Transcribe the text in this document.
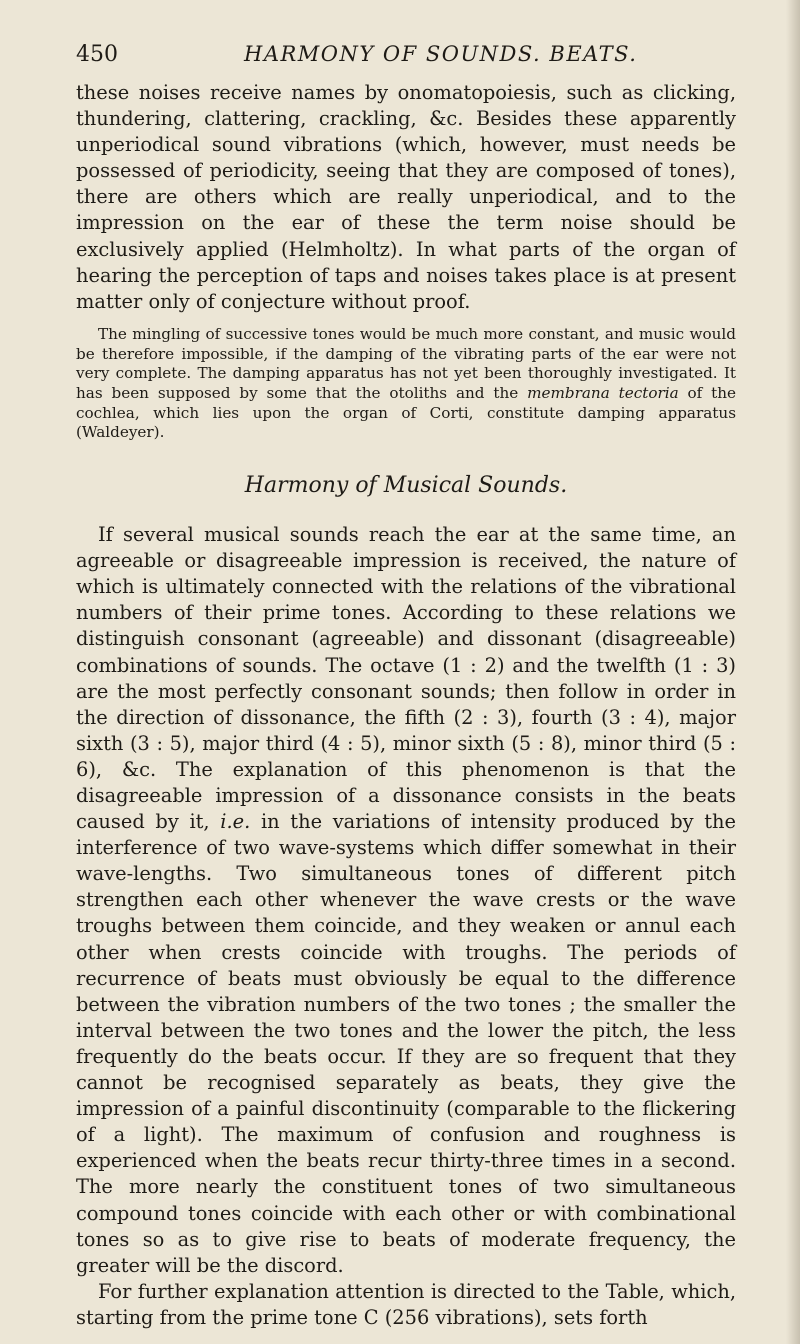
450	HARMONY OF SOUNDS. BEATS.

these noises receive names by onomatopoiesis, such as clicking, thundering, clattering, crackling, &c. Besides these apparently unperiodical sound vibrations (which, however, must needs be possessed of periodicity, seeing that they are composed of tones), there are others which are really unperiodical, and to the impression on the ear of these the term noise should be exclusively applied (Helmholtz). In what parts of the organ of hearing the perception of taps and noises takes place is at present matter only of conjecture without proof.

The mingling of successive tones would be much more constant, and music would be therefore impossible, if the damping of the vibrating parts of the ear were not very complete. The damping apparatus has not yet been thoroughly investigated. It has been supposed by some that the otoliths and the membrana tectoria of the cochlea, which lies upon the organ of Corti, constitute damping apparatus (Waldeyer).

Harmony of Musical Sounds.

If several musical sounds reach the ear at the same time, an agreeable or disagreeable impression is received, the nature of which is ultimately connected with the relations of the vibrational numbers of their prime tones. According to these relations we distinguish consonant (agreeable) and dissonant (disagreeable) combinations of sounds. The octave (1 : 2) and the twelfth (1 : 3) are the most perfectly consonant sounds; then follow in order in the direction of dissonance, the fifth (2 : 3), fourth (3 : 4), major sixth (3 : 5), major third (4 : 5), minor sixth (5 : 8), minor third (5 : 6), &c. The explanation of this phenomenon is that the disagreeable impression of a dissonance consists in the beats caused by it, i.e. in the variations of intensity produced by the interference of two wave-systems which differ somewhat in their wave-lengths. Two simultaneous tones of different pitch strengthen each other whenever the wave crests or the wave troughs between them coincide, and they weaken or annul each other when crests coincide with troughs. The periods of recurrence of beats must obviously be equal to the difference between the vibration numbers of the two tones ; the smaller the interval between the two tones and the lower the pitch, the less frequently do the beats occur. If they are so frequent that they cannot be recognised separately as beats, they give the impression of a painful discontinuity (comparable to the flickering of a light). The maximum of confusion and roughness is experienced when the beats recur thirty-three times in a second. The more nearly the constituent tones of two simultaneous compound tones coincide with each other or with combinational tones so as to give rise to beats of moderate frequency, the greater will be the discord.

For further explanation attention is directed to the Table, which, starting from the prime tone C (256 vibrations), sets forth
